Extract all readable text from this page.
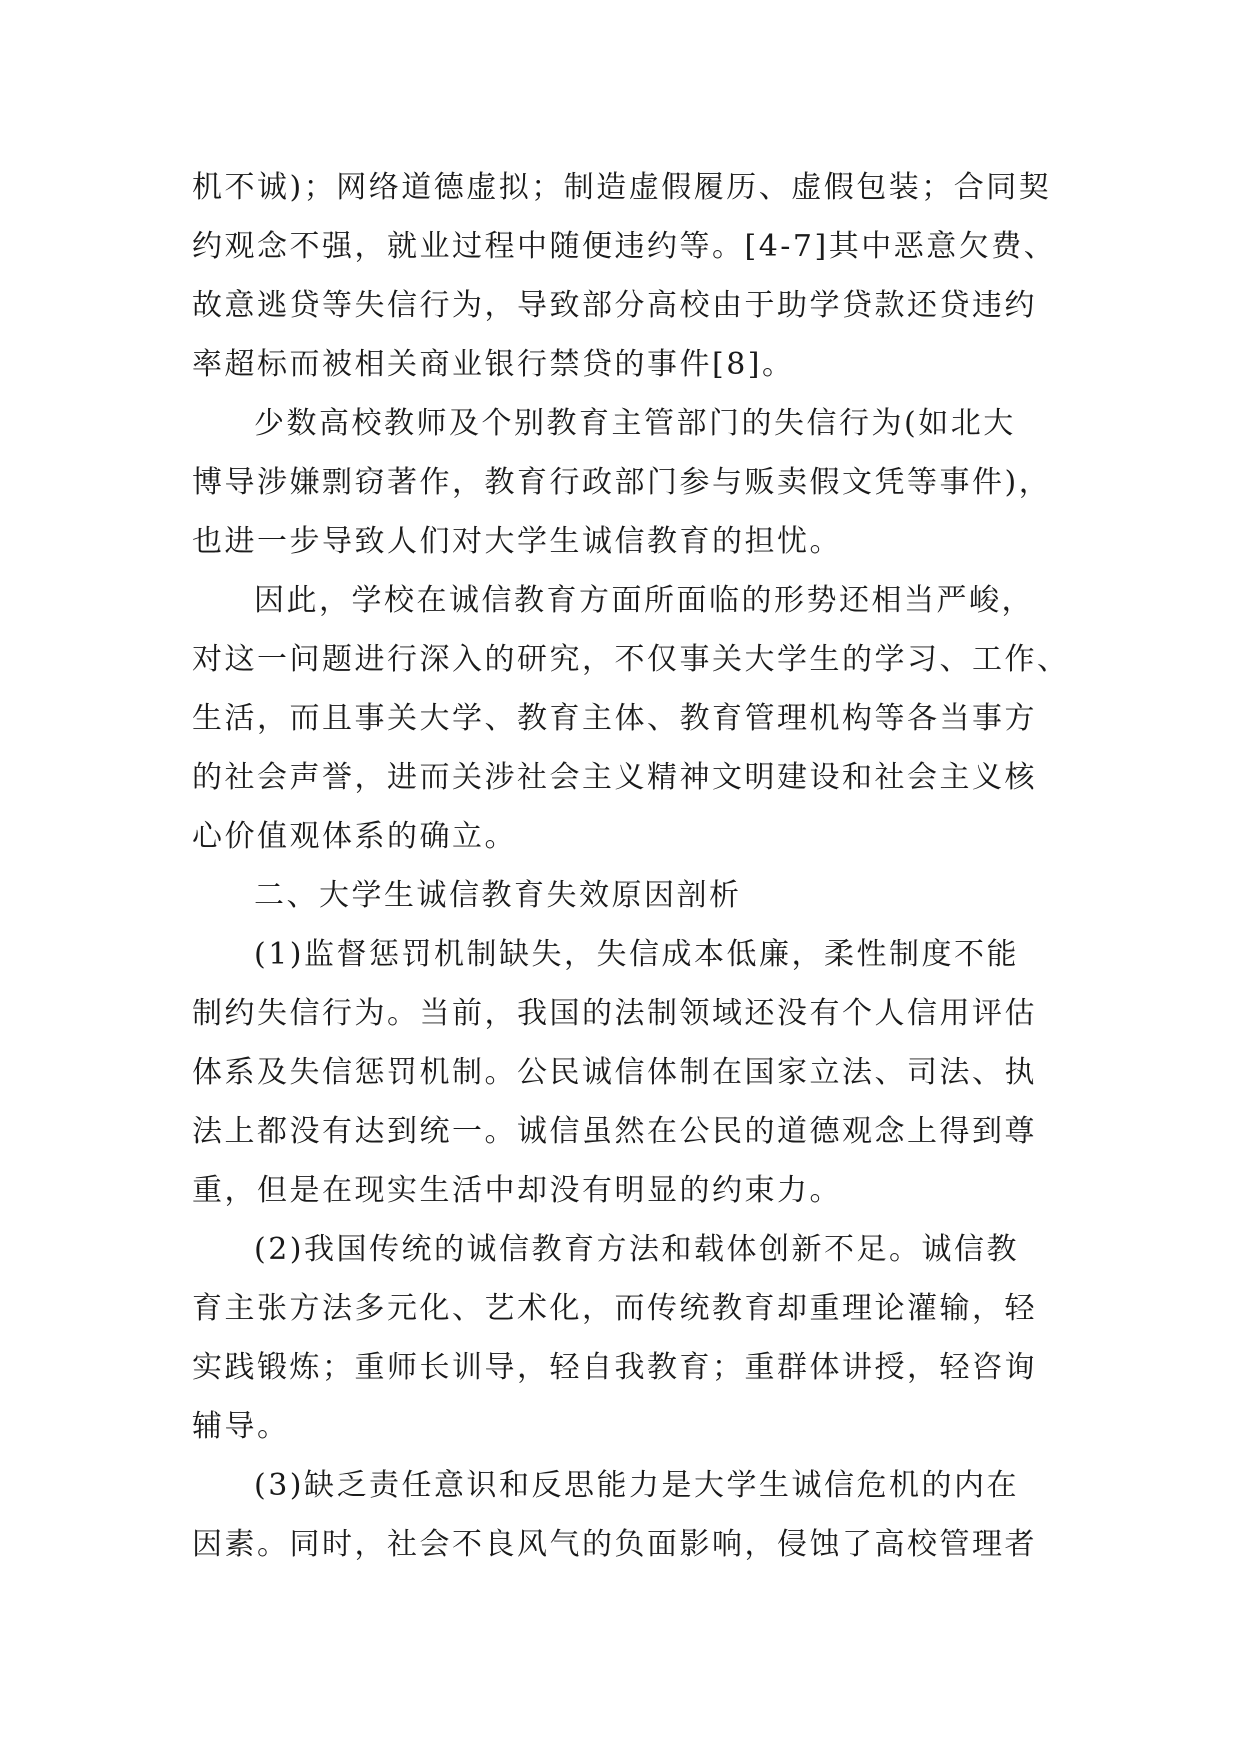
机不诚)；网络道德虚拟；制造虚假履历、虚假包装；合同契
约观念不强，就业过程中随便违约等。[4-7]其中恶意欠费、
故意逃贷等失信行为，导致部分高校由于助学贷款还贷违约
率超标而被相关商业银行禁贷的事件[8]。
少数高校教师及个别教育主管部门的失信行为(如北大
博导涉嫌剽窃著作，教育行政部门参与贩卖假文凭等事件)，
也进一步导致人们对大学生诚信教育的担忧。
因此，学校在诚信教育方面所面临的形势还相当严峻，
对这一问题进行深入的研究，不仅事关大学生的学习、工作、
生活，而且事关大学、教育主体、教育管理机构等各当事方
的社会声誉，进而关涉社会主义精神文明建设和社会主义核
心价值观体系的确立。
二、大学生诚信教育失效原因剖析
(1)监督惩罚机制缺失，失信成本低廉，柔性制度不能
制约失信行为。当前，我国的法制领域还没有个人信用评估
体系及失信惩罚机制。公民诚信体制在国家立法、司法、执
法上都没有达到统一。诚信虽然在公民的道德观念上得到尊
重，但是在现实生活中却没有明显的约束力。
(2)我国传统的诚信教育方法和载体创新不足。诚信教
育主张方法多元化、艺术化，而传统教育却重理论灌输，轻
实践锻炼；重师长训导，轻自我教育；重群体讲授，轻咨询
辅导。
(3)缺乏责任意识和反思能力是大学生诚信危机的内在
因素。同时，社会不良风气的负面影响，侵蚀了高校管理者
